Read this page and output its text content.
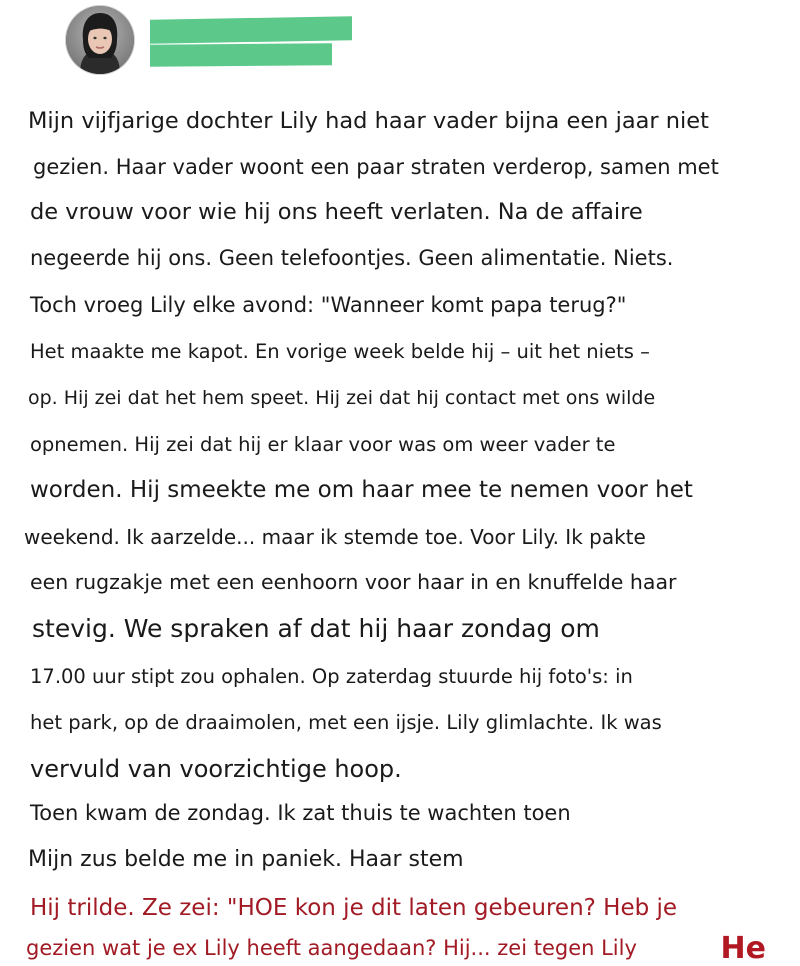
Mijn vijfjarige dochter Lily had haar vader bijna een jaar niet
gezien. Haar vader woont een paar straten verderop, samen met
de vrouw voor wie hij ons heeft verlaten. Na de affaire
negeerde hij ons. Geen telefoontjes. Geen alimentatie. Niets.
Toch vroeg Lily elke avond: "Wanneer komt papa terug?"
Het maakte me kapot. En vorige week belde hij – uit het niets –
op. Hij zei dat het hem speet. Hij zei dat hij contact met ons wilde
opnemen. Hij zei dat hij er klaar voor was om weer vader te
worden. Hij smeekte me om haar mee te nemen voor het
weekend. Ik aarzelde... maar ik stemde toe. Voor Lily. Ik pakte
een rugzakje met een eenhoorn voor haar in en knuffelde haar
stevig. We spraken af dat hij haar zondag om
17.00 uur stipt zou ophalen. Op zaterdag stuurde hij foto's: in
het park, op de draaimolen, met een ijsje. Lily glimlachte. Ik was
vervuld van voorzichtige hoop.
Toen kwam de zondag. Ik zat thuis te wachten toen
Mijn zus belde me in paniek. Haar stem
Hij trilde. Ze zei: "HOE kon je dit laten gebeuren? Heb je
gezien wat je ex Lily heeft aangedaan? Hij... zei tegen Lily	He
